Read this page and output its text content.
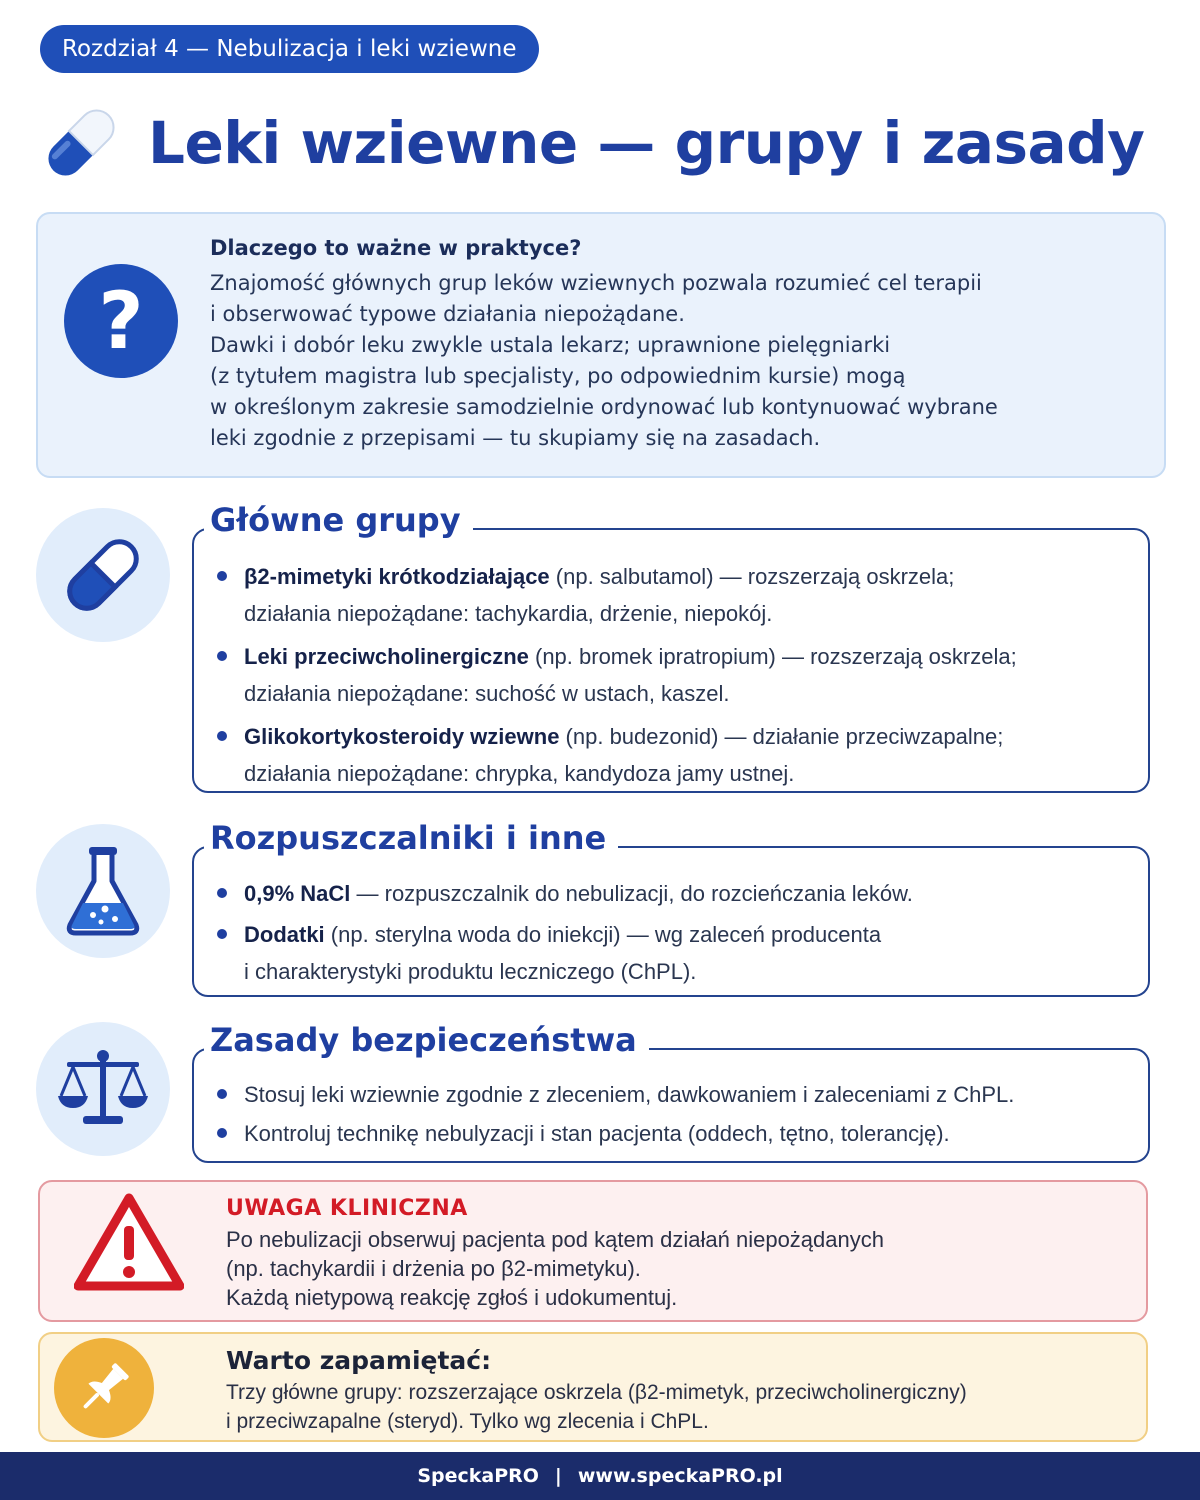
Rozdział 4 — Nebulizacja i leki wziewne
Leki wziewne — grupy i zasady
?
Dlaczego to ważne w praktyce?
Znajomość głównych grup leków wziewnych pozwala rozumieć cel terapii
i obserwować typowe działania niepożądane.
Dawki i dobór leku zwykle ustala lekarz; uprawnione pielęgniarki
(z tytułem magistra lub specjalisty, po odpowiednim kursie) mogą
w określonym zakresie samodzielnie ordynować lub kontynuować wybrane
leki zgodnie z przepisami — tu skupiamy się na zasadach.
Główne grupy
β2-mimetyki krótkodziałające (np. salbutamol) — rozszerzają oskrzela;
działania niepożądane: tachykardia, drżenie, niepokój.
Leki przeciwcholinergiczne (np. bromek ipratropium) — rozszerzają oskrzela;
działania niepożądane: suchość w ustach, kaszel.
Glikokortykosteroidy wziewne (np. budezonid) — działanie przeciwzapalne;
działania niepożądane: chrypka, kandydoza jamy ustnej.
Rozpuszczalniki i inne
0,9% NaCl — rozpuszczalnik do nebulizacji, do rozcieńczania leków.
Dodatki (np. sterylna woda do iniekcji) — wg zaleceń producenta
i charakterystyki produktu leczniczego (ChPL).
Zasady bezpieczeństwa
Stosuj leki wziewnie zgodnie z zleceniem, dawkowaniem i zaleceniami z ChPL.
Kontroluj technikę nebulyzacji i stan pacjenta (oddech, tętno, tolerancję).
UWAGA KLINICZNA
Po nebulizacji obserwuj pacjenta pod kątem działań niepożądanych
(np. tachykardii i drżenia po β2-mimetyku).
Każdą nietypową reakcję zgłoś i udokumentuj.
Warto zapamiętać:
Trzy główne grupy: rozszerzające oskrzela (β2-mimetyk, przeciwcholinergiczny)
i przeciwzapalne (steryd). Tylko wg zlecenia i ChPL.
SpeckaPRO | www.speckaPRO.pl
